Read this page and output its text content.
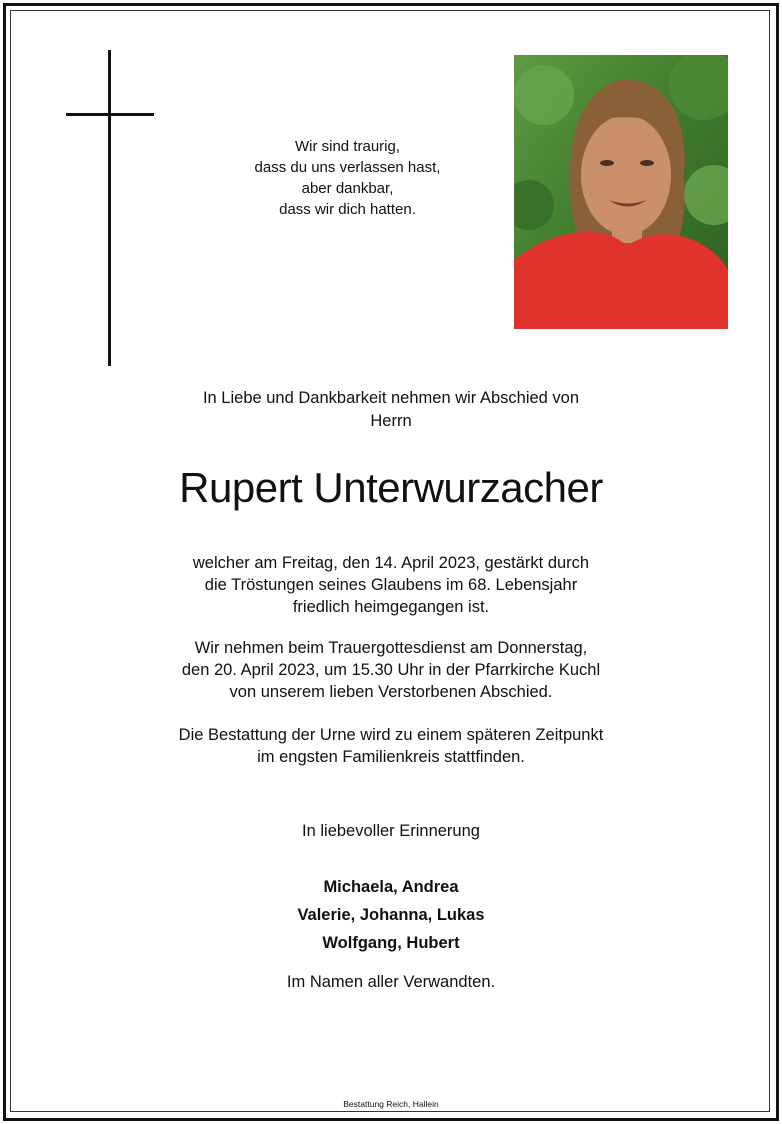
Wir sind traurig,
dass du uns verlassen hast,
aber dankbar,
dass wir dich hatten.
In Liebe und Dankbarkeit nehmen wir Abschied von
Herrn
Rupert Unterwurzacher
welcher am Freitag, den 14. April 2023, gestärkt durch
die Tröstungen seines Glaubens im 68. Lebensjahr
friedlich heimgegangen ist.
Wir nehmen beim Trauergottesdienst am Donnerstag,
den 20. April 2023, um 15.30 Uhr in der Pfarrkirche Kuchl
von unserem lieben Verstorbenen Abschied.
Die Bestattung der Urne wird zu einem späteren Zeitpunkt
im engsten Familienkreis stattfinden.
In liebevoller Erinnerung
Michaela, Andrea
Valerie, Johanna, Lukas
Wolfgang, Hubert
Im Namen aller Verwandten.
Bestattung Reich, Hallein
